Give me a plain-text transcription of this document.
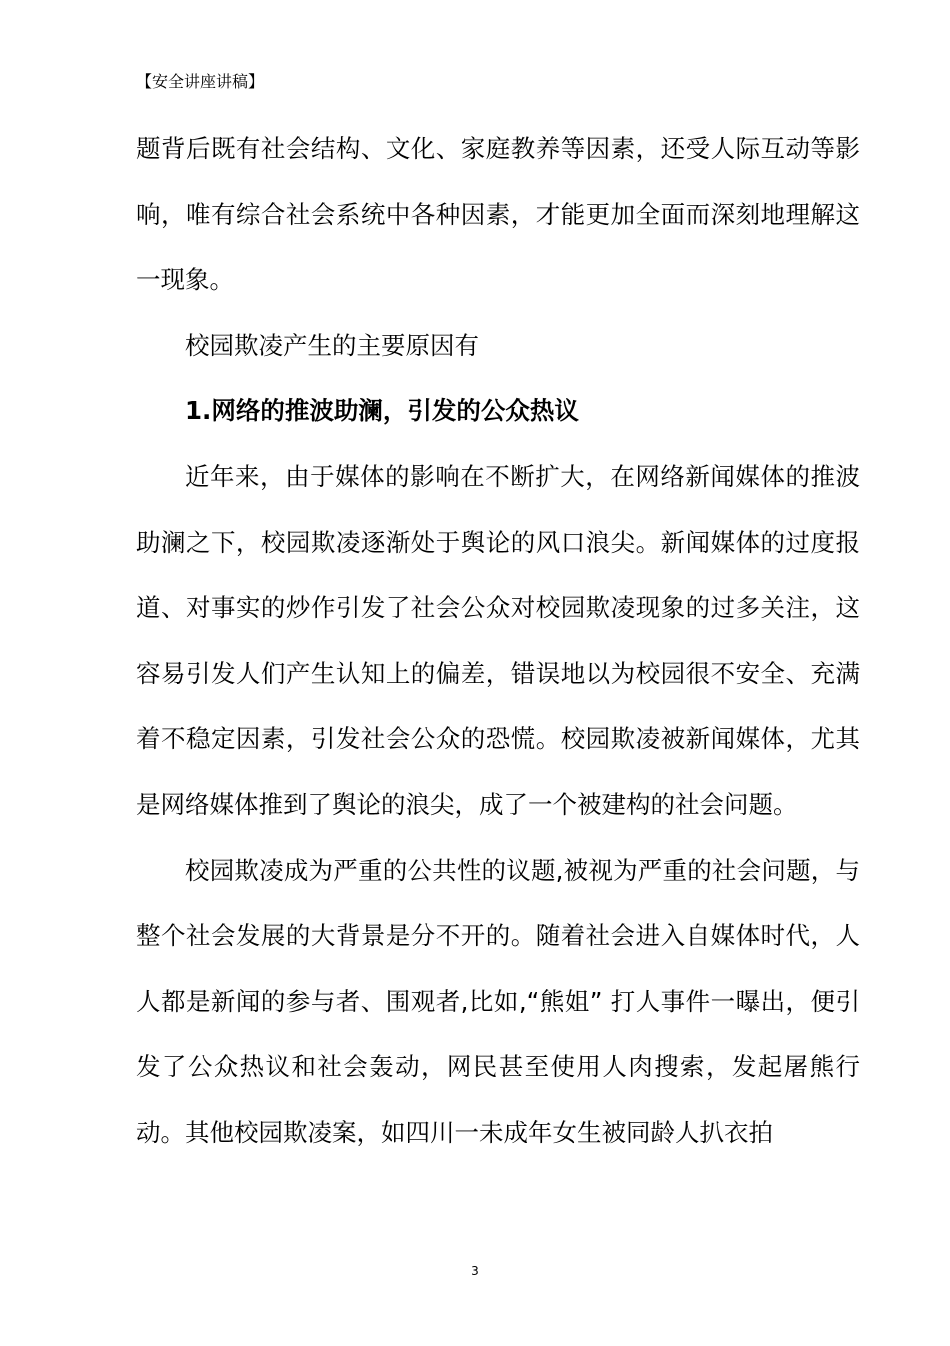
【安全讲座讲稿】

题背后既有社会结构、文化、家庭教养等因素，还受人际互动等影响，唯有综合社会系统中各种因素，才能更加全面而深刻地理解这一现象。

校园欺凌产生的主要原因有

1.网络的推波助澜，引发的公众热议

近年来，由于媒体的影响在不断扩大，在网络新闻媒体的推波助澜之下，校园欺凌逐渐处于舆论的风口浪尖。新闻媒体的过度报道、对事实的炒作引发了社会公众对校园欺凌现象的过多关注，这容易引发人们产生认知上的偏差，错误地以为校园很不安全、充满着不稳定因素，引发社会公众的恐慌。校园欺凌被新闻媒体，尤其是网络媒体推到了舆论的浪尖，成了一个被建构的社会问题。

校园欺凌成为严重的公共性的议题,被视为严重的社会问题，与整个社会发展的大背景是分不开的。随着社会进入自媒体时代，人人都是新闻的参与者、围观者,比如,“熊姐” 打人事件一曝出，便引发了公众热议和社会轰动，网民甚至使用人肉搜索，发起屠熊行动。其他校园欺凌案，如四川一未成年女生被同龄人扒衣拍

3
